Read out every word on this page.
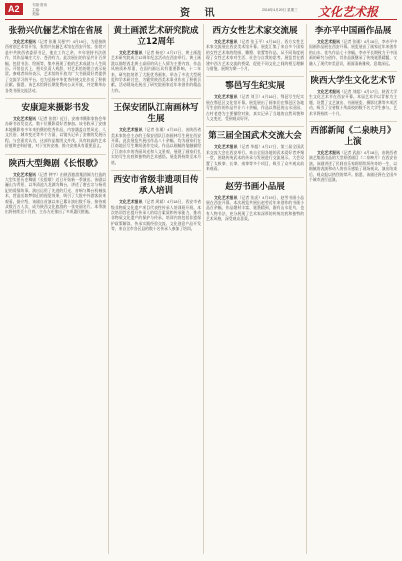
A2	专版·资讯
主编：
美编：	资 讯	2016年4月20日 星期三 文化艺术报
张勃兴伉俪艺术馆在省展
文化艺术报讯（记者 张瑾 吴曼宇）4月19日，为迎接陕西省创艺术馆开馆，张勃兴伉俪艺术馆在西安开馆。张勃兴是中共陕西省委原书记，他在工作之余，多年坚持书法创作，其作品端庄大方、苍劲有力。此次展出的作品共计百余幅，包括书法、绘画等，集中展现了他的艺术成就与人生阅历。开馆仪式上，相关负责人致辞，对艺术馆的建立表示祝贺。参观者纷纷表示，艺术馆的开放为广大书画爱好者提供了交流学习的平台，也为弘扬中华优秀传统文化作出了积极贡献。据悉，该艺术馆将长期免费向公众开放，并定期举办各类书画交流活动。
安康迎来摄影书发
文化艺术报讯（记者 张勃）近日，安康市摄影家协会举办新书首发仪式，数十位摄影爱好者参加。该书收录了安康本地摄影家多年来拍摄的优秀作品，内容涵盖自然风光、人文民俗、城市变迁等多个方面，以镜头记录了安康的发展历程。与会嘉宾认为，这部作品集图文并茂，具有较高的艺术价值和史料价值，对于宣传安康、推介安康具有重要意义。
陕西大型舞剧《长恨歌》
文化艺术报讯（记者 钟宇）由陕西旅游集团倾力打造的大型实景历史舞剧《长恨歌》近日开始新一季演出。该剧以骊山为背景，以华清池九龙湖为舞台，讲述了唐玄宗与杨贵妃的爱情故事。演出运用了先进的灯光、音响与舞台机械技术，营造出如梦如幻的视觉效果，吸引了大批中外游客前来观看。据介绍，该剧自首演以来已累计演出数千场，接待观众数百万人次，成为陕西文化旅游的一张亮丽名片。本季演出将持续至十月底，主办方还推出了多项惠民措施。
黄土画派艺术研究院成立12周年
文化艺术报讯（记者 杨亮）4月17日，黄土画派艺术研究院成立12周年纪念活动在西安举行。黄土画派以描绘西北黄土高原的风土人情为主要内容，作品风格质朴厚重，在国内画坛具有重要影响。十二年来，研究院培养了大批优秀画家，举办了多次大型展览和学术研讨会，为繁荣陕西美术事业作出了积极贡献。活动现场还展出了研究院画家近年来创作的精品力作。
王保安团队江南画林写生展
文化艺术报讯（记者 张瑾）4月15日，由陕西省美术家协会主办的王保安团队江南画林写生展在西安开幕。此次展览共展出作品八十余幅，均为画家们在江南地区写生期间创作完成。作品以细腻的笔触描绘了江南水乡的秀丽风光和人文景观，展现了画家们扎实的写生功底和独特的艺术感悟。展览将持续至本月底。
西安市省级非遗项目传承人培训
文化艺术报讯（记者 周斌）4月18日，西安市省级非物质文化遗产项目代表性传承人培训班开班。本次培训旨在提升传承人的综合素质和传承能力，推动非物质文化遗产的保护与传承。培训内容包括非遗保护政策解读、传承实践经验交流、文化创意产品开发等，来自全市各区县的数十名传承人参加了培训。
西方女性艺术家交流展
文化艺术报讯（记者 张玉平）4月16日，西方女性艺术家交流展在西安美术馆开幕。展览汇集了来自多个国家的女性艺术家的绘画、雕塑、装置等作品，从不同角度展现了女性艺术家对生活、社会与自我的思考。展览旨在搭建中西方艺术交流的桥梁，促进不同文化之间的相互理解与借鉴。展期为期一个月。
鄠邑写生纪实展
文化艺术报讯（记者 刘卫）4月16日，鄠邑写生纪实展在鄠邑区文化馆开幕。展览展出了画家们在鄠邑区各地写生创作的作品共计六十余幅，作品以鄠邑的山水田园、古村老巷为主要描绘对象，真实记录了当地的自然风貌和人文变迁，受到观众好评。
第三届全国武术交流大会
文化艺术报讯（记者 华超）4月17日，第三届全国武术交流大会在西安举行。来自全国各地的武术爱好者齐聚一堂，围绕传统武术的传承与发展进行交流展示。大会设置了太极拳、长拳、南拳等多个项目，吸引了众多观众前来观看。
赵劳书画小品展
文化艺术报讯（记者 张虎）4月19日，赵劳书画小品展在西安开幕。本次展览共展出赵劳近年来创作的书画小品百余幅，作品题材丰富、笔墨精到，既有山水花鸟，也有人物书法，充分展现了艺术家深厚的传统功底和独特的艺术风格，深受观众喜爱。
李亦平中国画作品展
文化艺术报讯（记者 张瑾）4月16日，李亦平中国画作品展在西安开幕。展览展出了画家近年来创作的山水、花鸟作品七十余幅。李亦平长期致力于中国画的研究与创作，其作品既继承了传统笔墨精髓，又融入了现代审美意识，画面清新雅致、意境深远。
陕西大学生文化艺术节
文化艺术报讯（记者 刘超）4月17日，陕西大学生文化艺术节在西安开幕。本届艺术节以青春为主题，设置了文艺演出、书画展览、摄影比赛等多项活动，吸引了全省数十所高校的数千名大学生参与。艺术节将持续一个月。
西部新闻《二泉映月》上演
文化艺术报讯（记者 武喆）4月18日，由陕西省演艺集团出品的大型原创剧目《二泉映月》在西安首演。该剧讲述了民间音乐家阿炳坎坷传奇的一生，以细腻的表演和动人的音乐感染了现场观众。演出结束后，观众报以热烈的掌声。据悉，该剧还将在全国多个城市进行巡演。
